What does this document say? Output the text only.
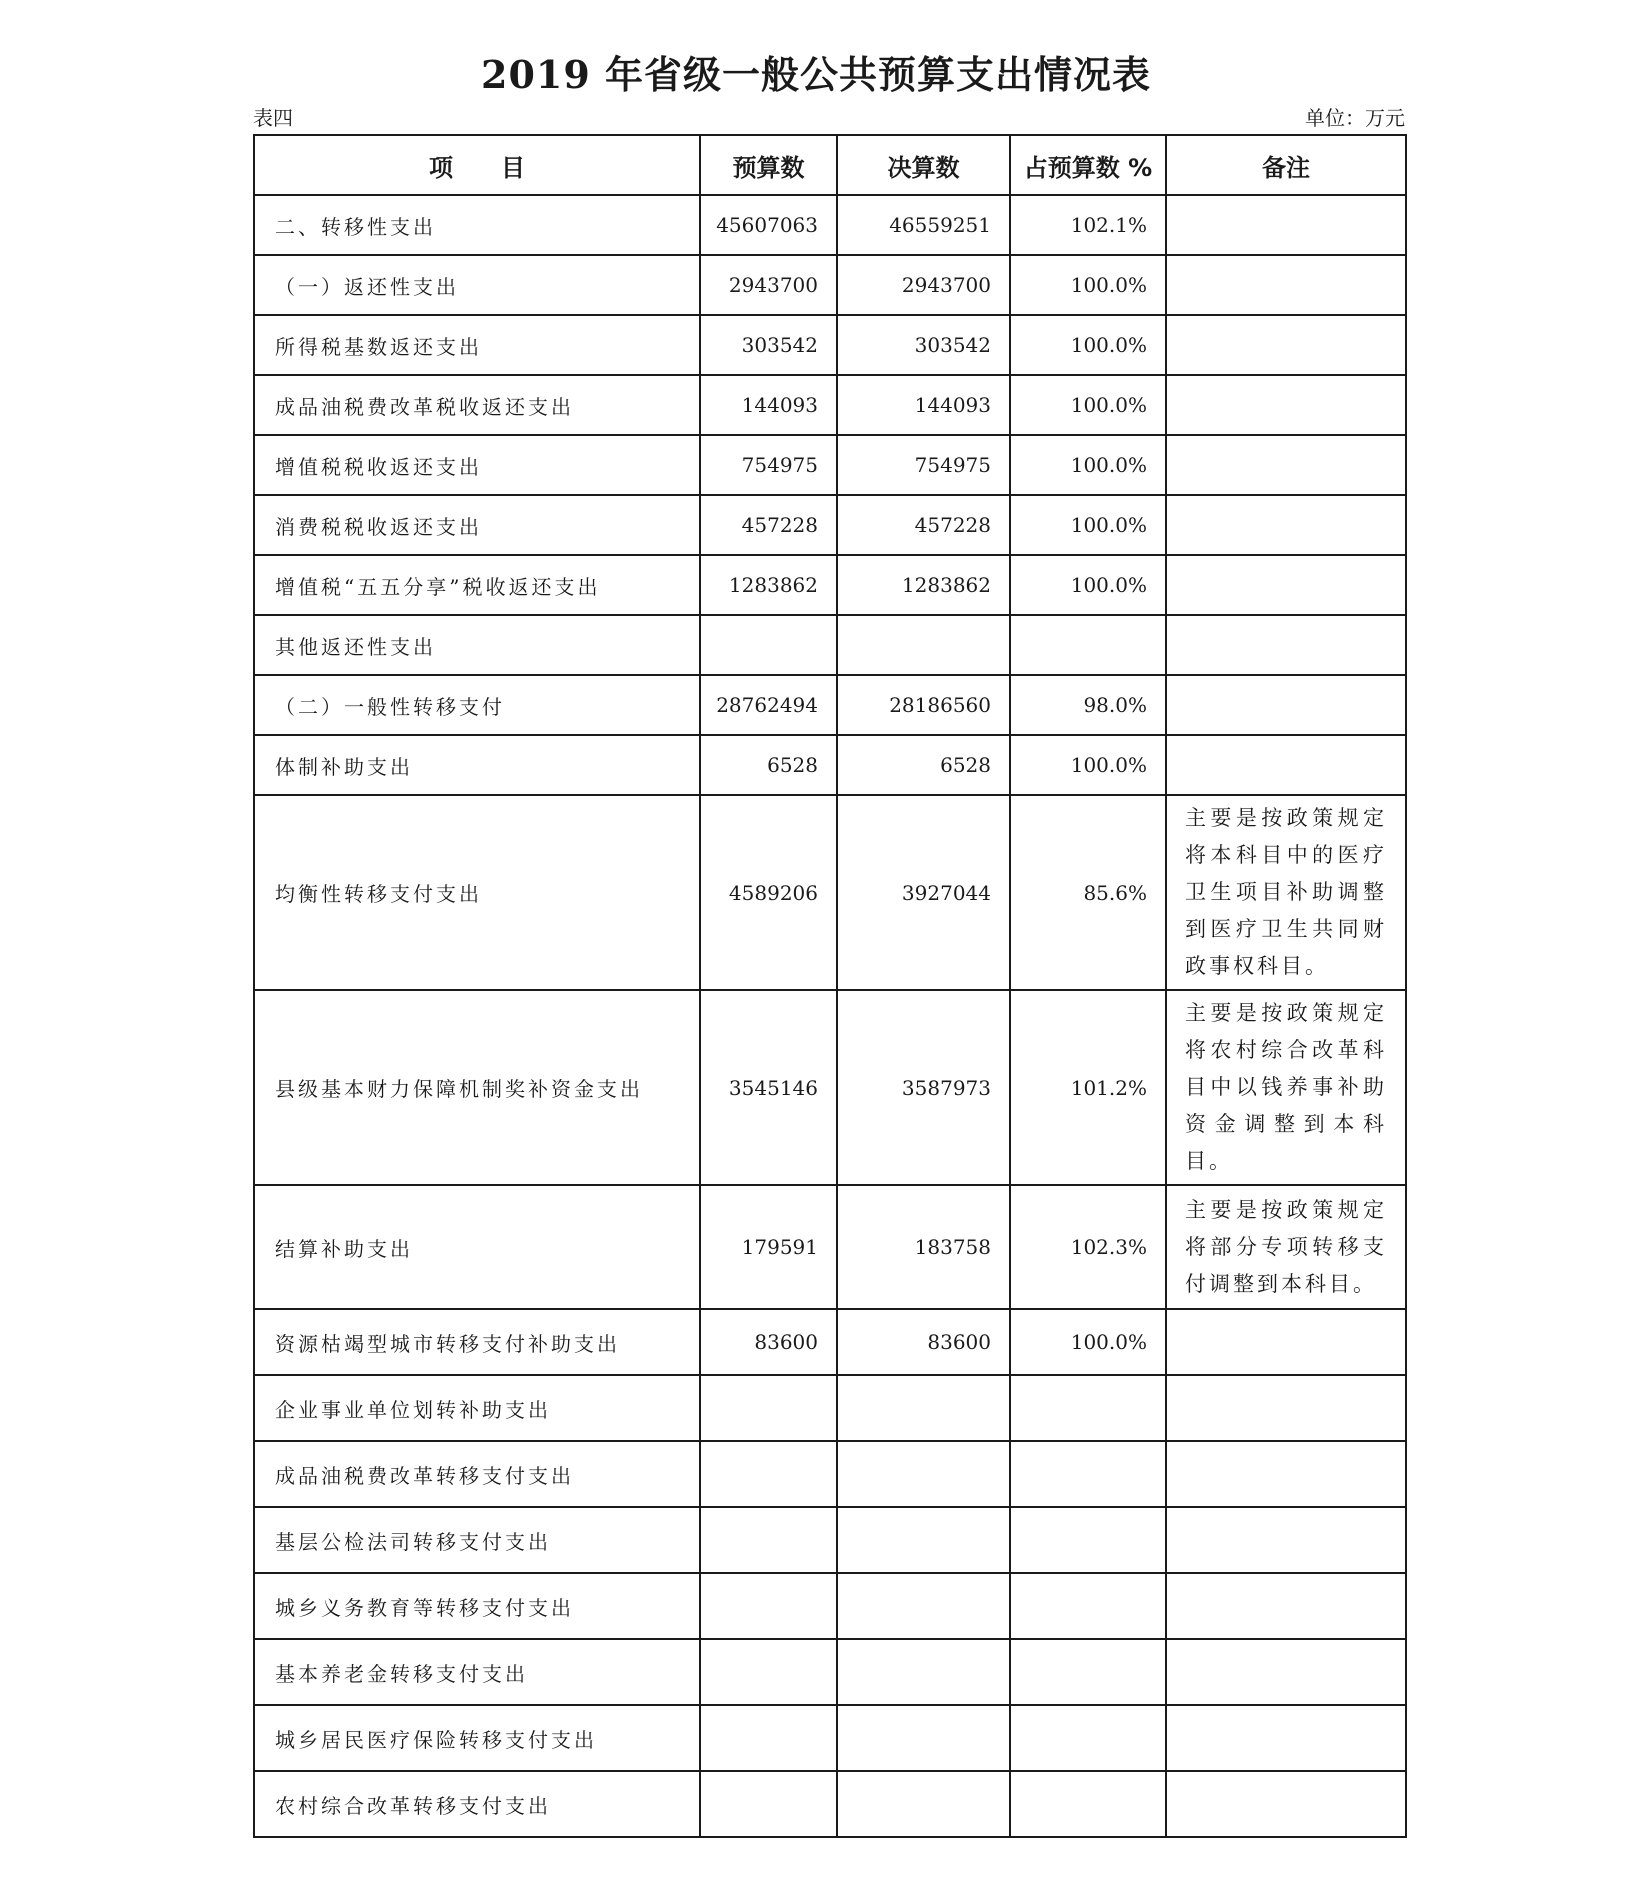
2019 年省级一般公共预算支出情况表
表四	单位：万元
项　　目	预算数	决算数	占预算数 %	备注
二、转移性支出	45607063	46559251	102.1%	
（一）返还性支出	2943700	2943700	100.0%	
所得税基数返还支出	303542	303542	100.0%	
成品油税费改革税收返还支出	144093	144093	100.0%	
增值税税收返还支出	754975	754975	100.0%	
消费税税收返还支出	457228	457228	100.0%	
增值税“五五分享”税收返还支出	1283862	1283862	100.0%	
其他返还性支出				
（二）一般性转移支付	28762494	28186560	98.0%	
体制补助支出	6528	6528	100.0%	
均衡性转移支付支出	4589206	3927044	85.6%	主要是按政策规定将本科目中的医疗卫生项目补助调整到医疗卫生共同财政事权科目。
县级基本财力保障机制奖补资金支出	3545146	3587973	101.2%	主要是按政策规定将农村综合改革科目中以钱养事补助资金调整到本科目。
结算补助支出	179591	183758	102.3%	主要是按政策规定将部分专项转移支付调整到本科目。
资源枯竭型城市转移支付补助支出	83600	83600	100.0%	
企业事业单位划转补助支出				
成品油税费改革转移支付支出				
基层公检法司转移支付支出				
城乡义务教育等转移支付支出				
基本养老金转移支付支出				
城乡居民医疗保险转移支付支出				
农村综合改革转移支付支出				
